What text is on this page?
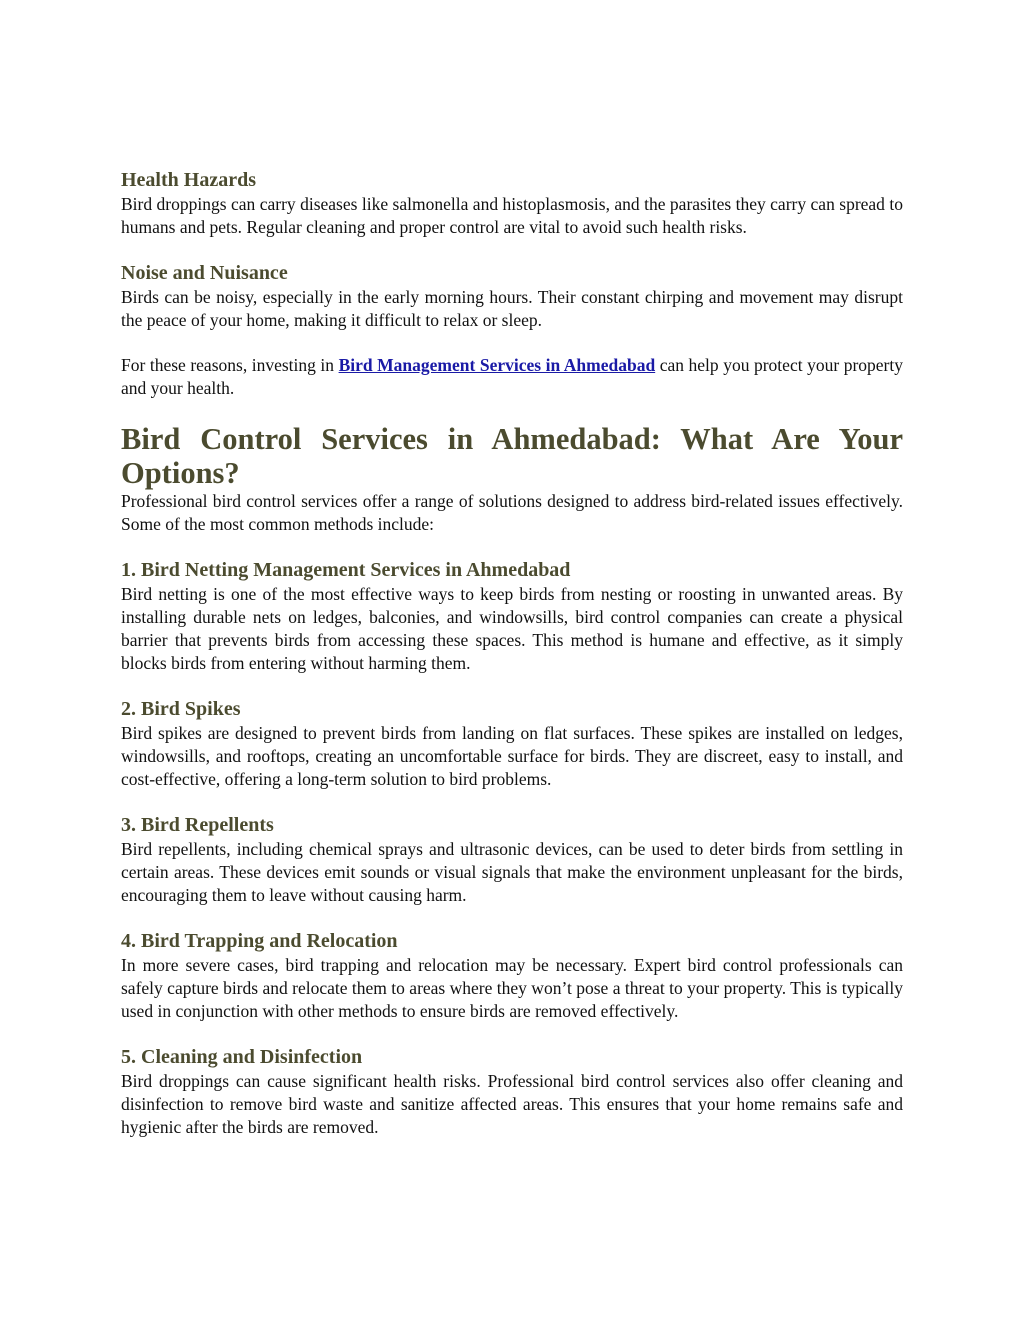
Health Hazards
Bird droppings can carry diseases like salmonella and histoplasmosis, and the parasites they carry can spread to humans and pets. Regular cleaning and proper control are vital to avoid such health risks.
Noise and Nuisance
Birds can be noisy, especially in the early morning hours. Their constant chirping and movement may disrupt the peace of your home, making it difficult to relax or sleep.
For these reasons, investing in Bird Management Services in Ahmedabad can help you protect your property and your health.
Bird Control Services in Ahmedabad: What Are Your Options?
Professional bird control services offer a range of solutions designed to address bird-related issues effectively. Some of the most common methods include:
1. Bird Netting Management Services in Ahmedabad
Bird netting is one of the most effective ways to keep birds from nesting or roosting in unwanted areas. By installing durable nets on ledges, balconies, and windowsills, bird control companies can create a physical barrier that prevents birds from accessing these spaces. This method is humane and effective, as it simply blocks birds from entering without harming them.
2. Bird Spikes
Bird spikes are designed to prevent birds from landing on flat surfaces. These spikes are installed on ledges, windowsills, and rooftops, creating an uncomfortable surface for birds. They are discreet, easy to install, and cost-effective, offering a long-term solution to bird problems.
3. Bird Repellents
Bird repellents, including chemical sprays and ultrasonic devices, can be used to deter birds from settling in certain areas. These devices emit sounds or visual signals that make the environment unpleasant for the birds, encouraging them to leave without causing harm.
4. Bird Trapping and Relocation
In more severe cases, bird trapping and relocation may be necessary. Expert bird control professionals can safely capture birds and relocate them to areas where they won’t pose a threat to your property. This is typically used in conjunction with other methods to ensure birds are removed effectively.
5. Cleaning and Disinfection
Bird droppings can cause significant health risks. Professional bird control services also offer cleaning and disinfection to remove bird waste and sanitize affected areas. This ensures that your home remains safe and hygienic after the birds are removed.
